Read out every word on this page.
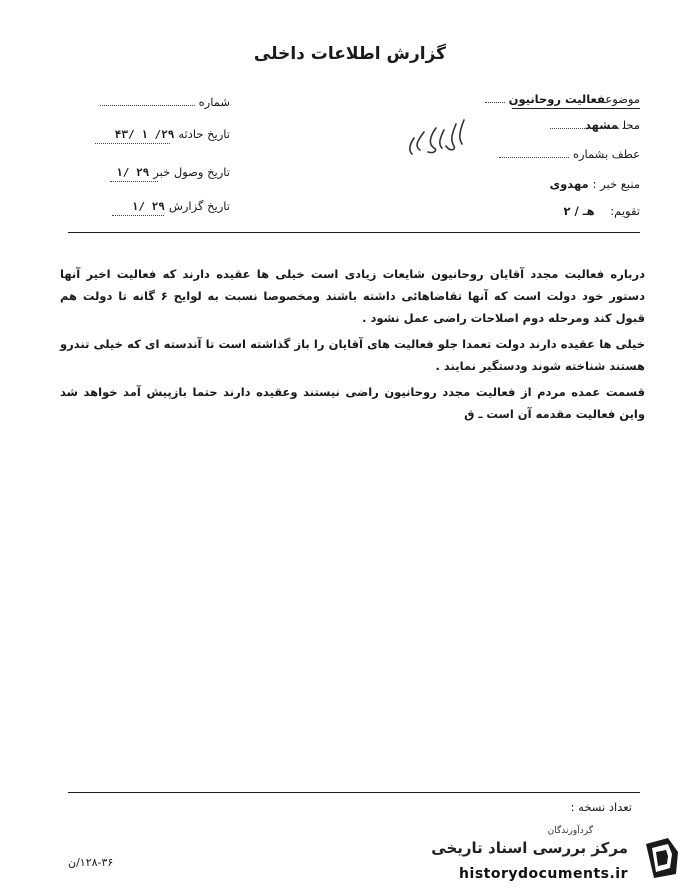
گزارش اطلاعات داخلی
موضوعفعالیت روحانیون
محلمشهد
عطف بشماره
منبع خبر :مهدوی
تقویم: هـ / ۲
شماره
تاریخ حادثه۲۹/ ۱ /۴۳
تاریخ وصول خبر۲۹ /۱
تاریخ گزارش۲۹ /۱

درباره فعالیت مجدد آقایان روحانیون شایعات زیادی است خیلی ها عقیده دارند که فعالیت اخیر آنها دستور خود دولت است که آنها تقاضاهائی داشته باشند ومخصوصا نسبت به لوایح ۶ گانه تا دولت هم قبول کند ومرحله دوم اصلاحات راضی عمل نشود .

خیلی ها عقیده دارند دولت تعمدا جلو فعالیت های آقایان را باز گذاشته است تا آندسته ای که خیلی تندرو هستند شناخته شوند ودستگیر نمایند .

قسمت عمده مردم از فعالیت مجدد روحانیون راضی نیستند وعقیده دارند حتما بازپیش آمد خواهد شد واین فعالیت مقدمه آن است ـ ق

تعداد نسخه :
۱۲۸-۳۶/ن
گردآورندگان
مرکز بررسی اسناد تاریخی
historydocuments.ir
